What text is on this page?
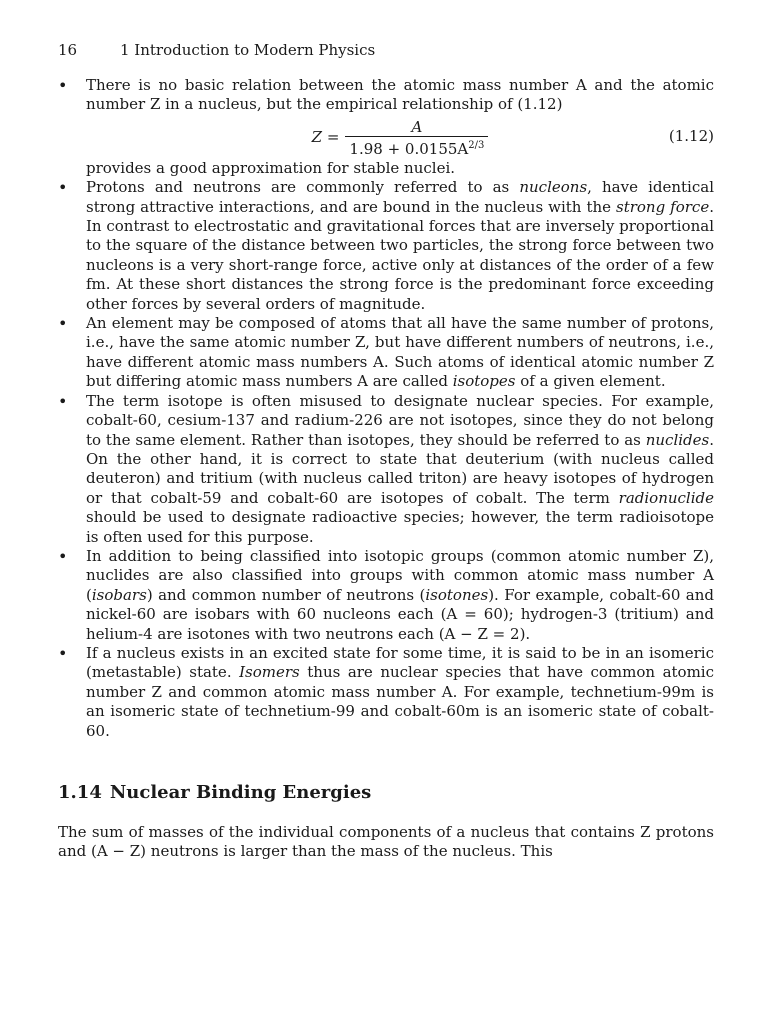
16	1 Introduction to Modern Physics
• There is no basic relation between the atomic mass number A and the atomic number Z in a nucleus, but the empirical relationship of (1.12)
$Z = \frac{A}{1.98 + 0.0155A^{2/3}}$	(1.12)
provides a good approximation for stable nuclei.
• Protons and neutrons are commonly referred to as nucleons, have identical strong attractive interactions, and are bound in the nucleus with the strong force. In contrast to electrostatic and gravitational forces that are inversely proportional to the square of the distance between two particles, the strong force between two nucleons is a very short-range force, active only at distances of the order of a few fm. At these short distances the strong force is the predominant force exceeding other forces by several orders of magnitude.
• An element may be composed of atoms that all have the same number of protons, i.e., have the same atomic number Z, but have different numbers of neutrons, i.e., have different atomic mass numbers A. Such atoms of identical atomic number Z but differing atomic mass numbers A are called isotopes of a given element.
• The term isotope is often misused to designate nuclear species. For example, cobalt-60, cesium-137 and radium-226 are not isotopes, since they do not belong to the same element. Rather than isotopes, they should be referred to as nuclides. On the other hand, it is correct to state that deuterium (with nucleus called deuteron) and tritium (with nucleus called triton) are heavy isotopes of hydrogen or that cobalt-59 and cobalt-60 are isotopes of cobalt. The term radionuclide should be used to designate radioactive species; however, the term radioisotope is often used for this purpose.
• In addition to being classified into isotopic groups (common atomic number Z), nuclides are also classified into groups with common atomic mass number A (isobars) and common number of neutrons (isotones). For example, cobalt-60 and nickel-60 are isobars with 60 nucleons each (A = 60); hydrogen-3 (tritium) and helium-4 are isotones with two neutrons each (A − Z = 2).
• If a nucleus exists in an excited state for some time, it is said to be in an isomeric (metastable) state. Isomers thus are nuclear species that have common atomic number Z and common atomic mass number A. For example, technetium-99m is an isomeric state of technetium-99 and cobalt-60m is an isomeric state of cobalt-60.
1.14 Nuclear Binding Energies

The sum of masses of the individual components of a nucleus that contains Z protons and (A − Z) neutrons is larger than the mass of the nucleus. This
